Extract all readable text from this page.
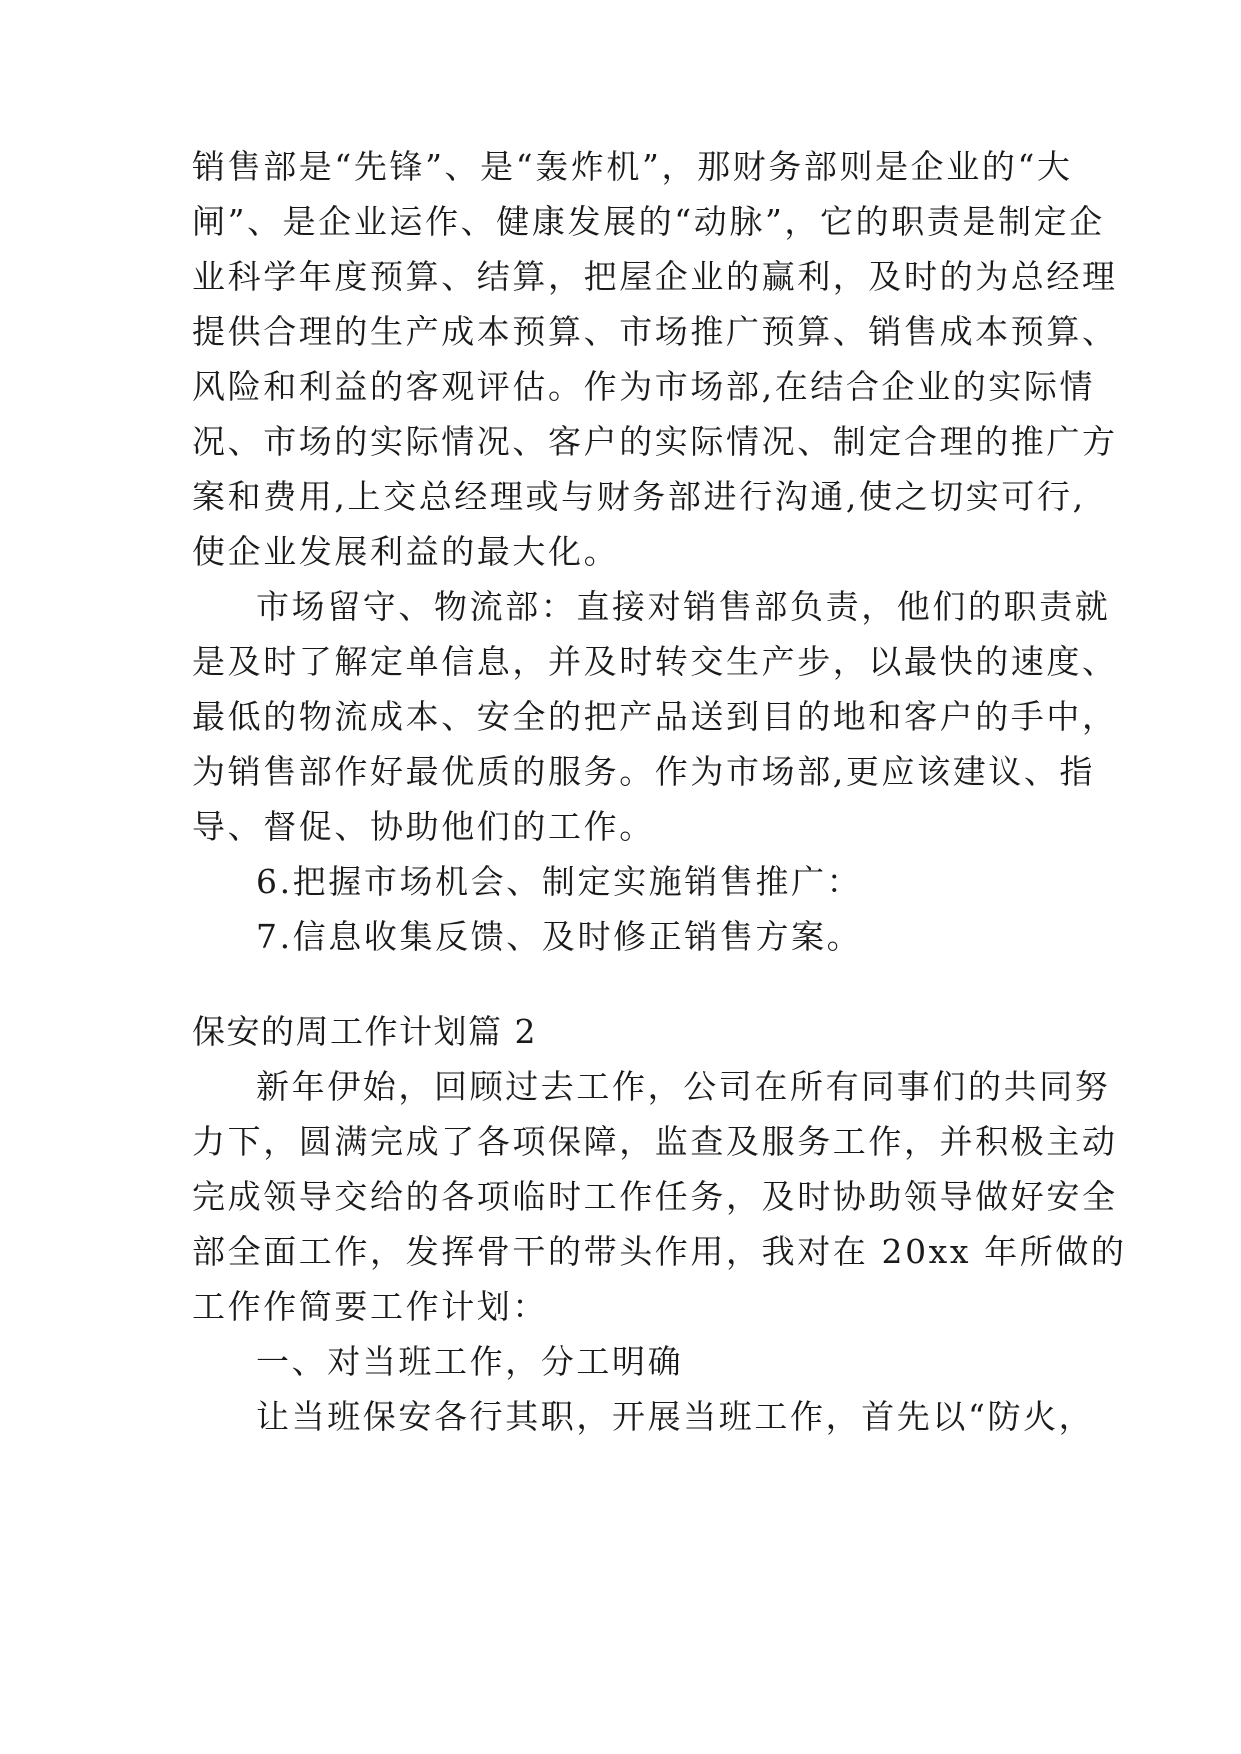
销售部是“先锋”、是“轰炸机”，那财务部则是企业的“大
闸”、是企业运作、健康发展的“动脉”，它的职责是制定企
业科学年度预算、结算，把屋企业的赢利，及时的为总经理
提供合理的生产成本预算、市场推广预算、销售成本预算、
风险和利益的客观评估。作为市场部,在结合企业的实际情
况、市场的实际情况、客户的实际情况、制定合理的推广方
案和费用,上交总经理或与财务部进行沟通,使之切实可行,
使企业发展利益的最大化。
市场留守、物流部：直接对销售部负责，他们的职责就
是及时了解定单信息，并及时转交生产步，以最快的速度、
最低的物流成本、安全的把产品送到目的地和客户的手中，
为销售部作好最优质的服务。作为市场部,更应该建议、指
导、督促、协助他们的工作。
6.把握市场机会、制定实施销售推广：
7.信息收集反馈、及时修正销售方案。
保安的周工作计划篇 2
新年伊始，回顾过去工作，公司在所有同事们的共同努
力下，圆满完成了各项保障，监查及服务工作，并积极主动
完成领导交给的各项临时工作任务，及时协助领导做好安全
部全面工作，发挥骨干的带头作用，我对在 20xx 年所做的
工作作简要工作计划：
一、对当班工作，分工明确
让当班保安各行其职，开展当班工作，首先以“防火，
